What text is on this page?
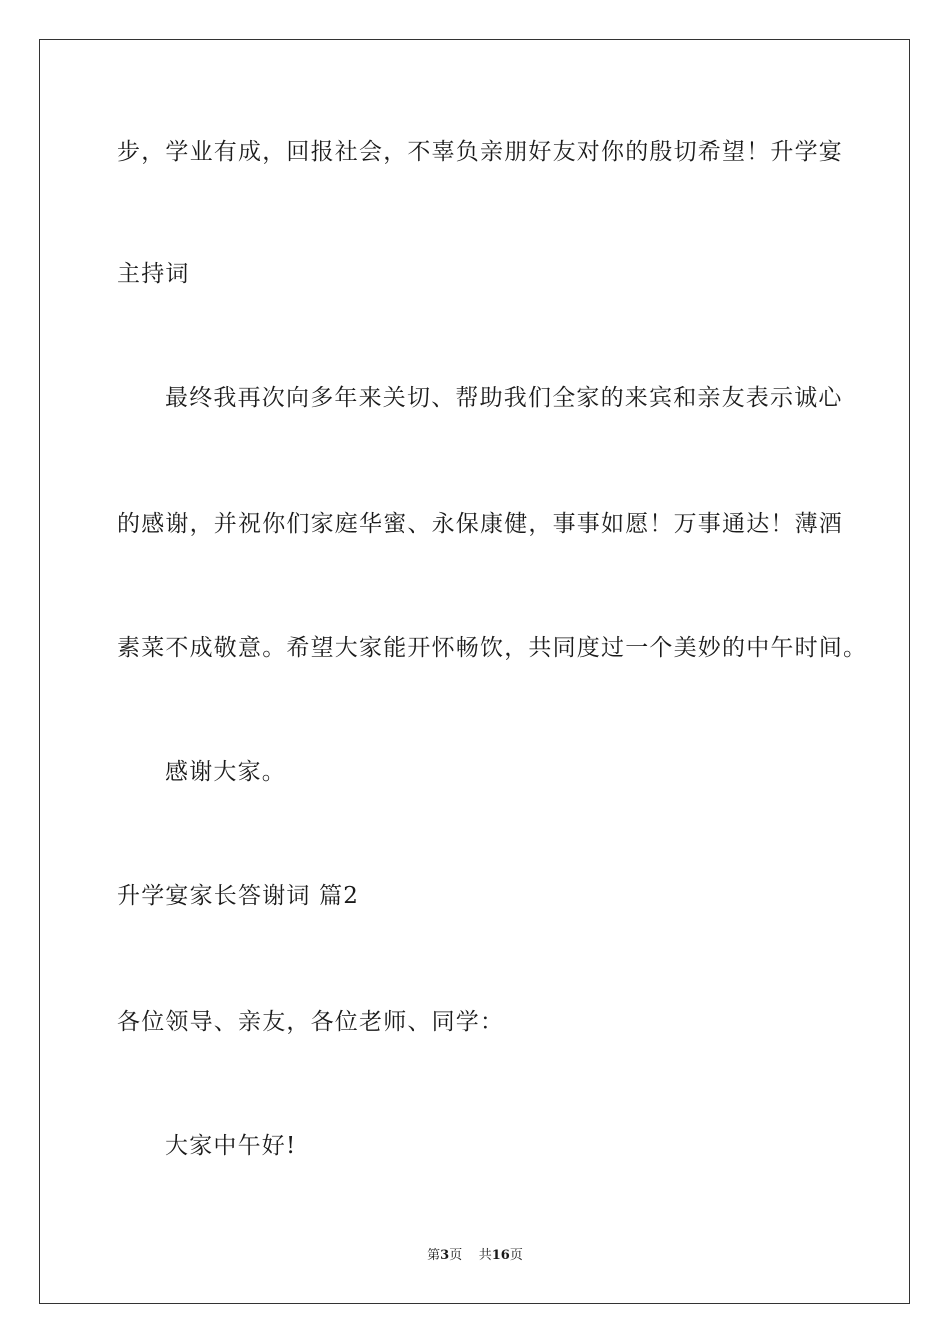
步，学业有成，回报社会，不辜负亲朋好友对你的殷切希望！升学宴
主持词
最终我再次向多年来关切、帮助我们全家的来宾和亲友表示诚心
的感谢，并祝你们家庭华蜜、永保康健，事事如愿！万事通达！薄酒
素菜不成敬意。希望大家能开怀畅饮，共同度过一个美妙的中午时间。
感谢大家。
升学宴家长答谢词 篇2
各位领导、亲友，各位老师、同学：
大家中午好!
第3页 共16页
